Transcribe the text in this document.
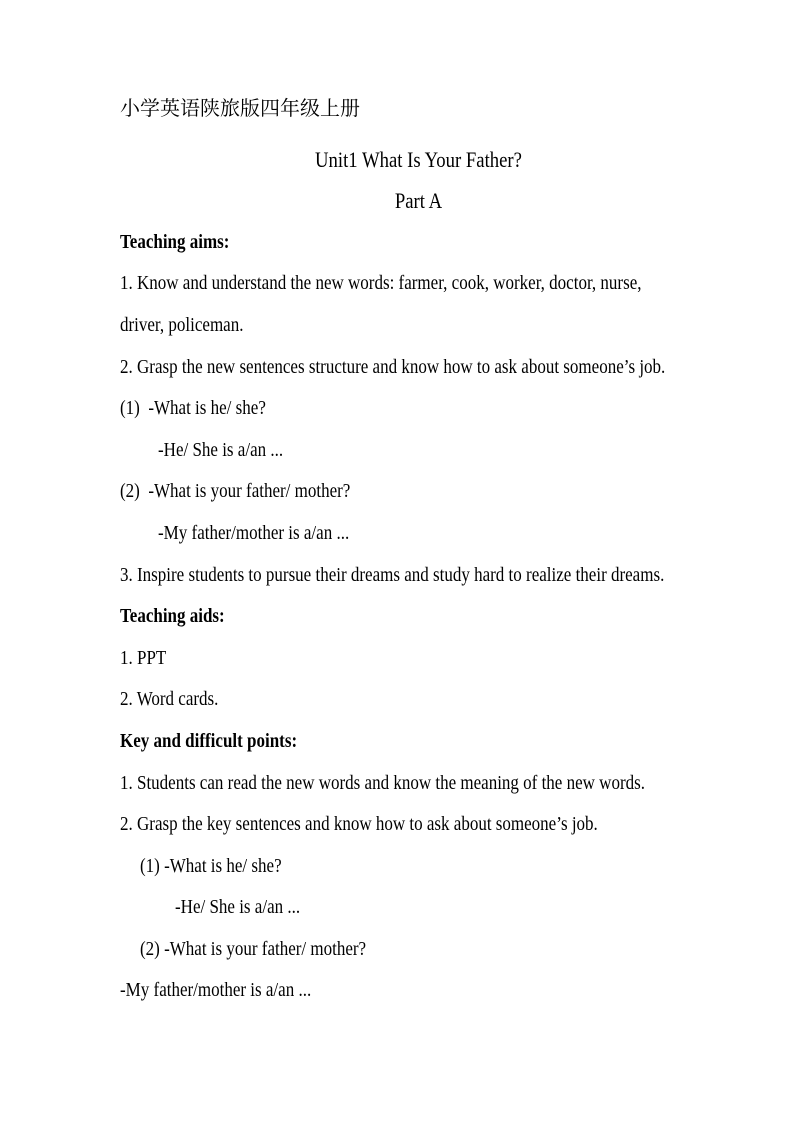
小学英语陕旅版四年级上册
Unit1 What Is Your Father?
Part A
Teaching aims:
1. Know and understand the new words: farmer, cook, worker, doctor, nurse,
driver, policeman.
2. Grasp the new sentences structure and know how to ask about someone’s job.
(1)  -What is he/ she?
-He/ She is a/an ...
(2)  -What is your father/ mother?
-My father/mother is a/an ...
3. Inspire students to pursue their dreams and study hard to realize their dreams.
Teaching aids:
1. PPT
2. Word cards.
Key and difficult points:
1. Students can read the new words and know the meaning of the new words.
2. Grasp the key sentences and know how to ask about someone’s job.
(1) -What is he/ she?
-He/ She is a/an ...
(2) -What is your father/ mother?
-My father/mother is a/an ...
